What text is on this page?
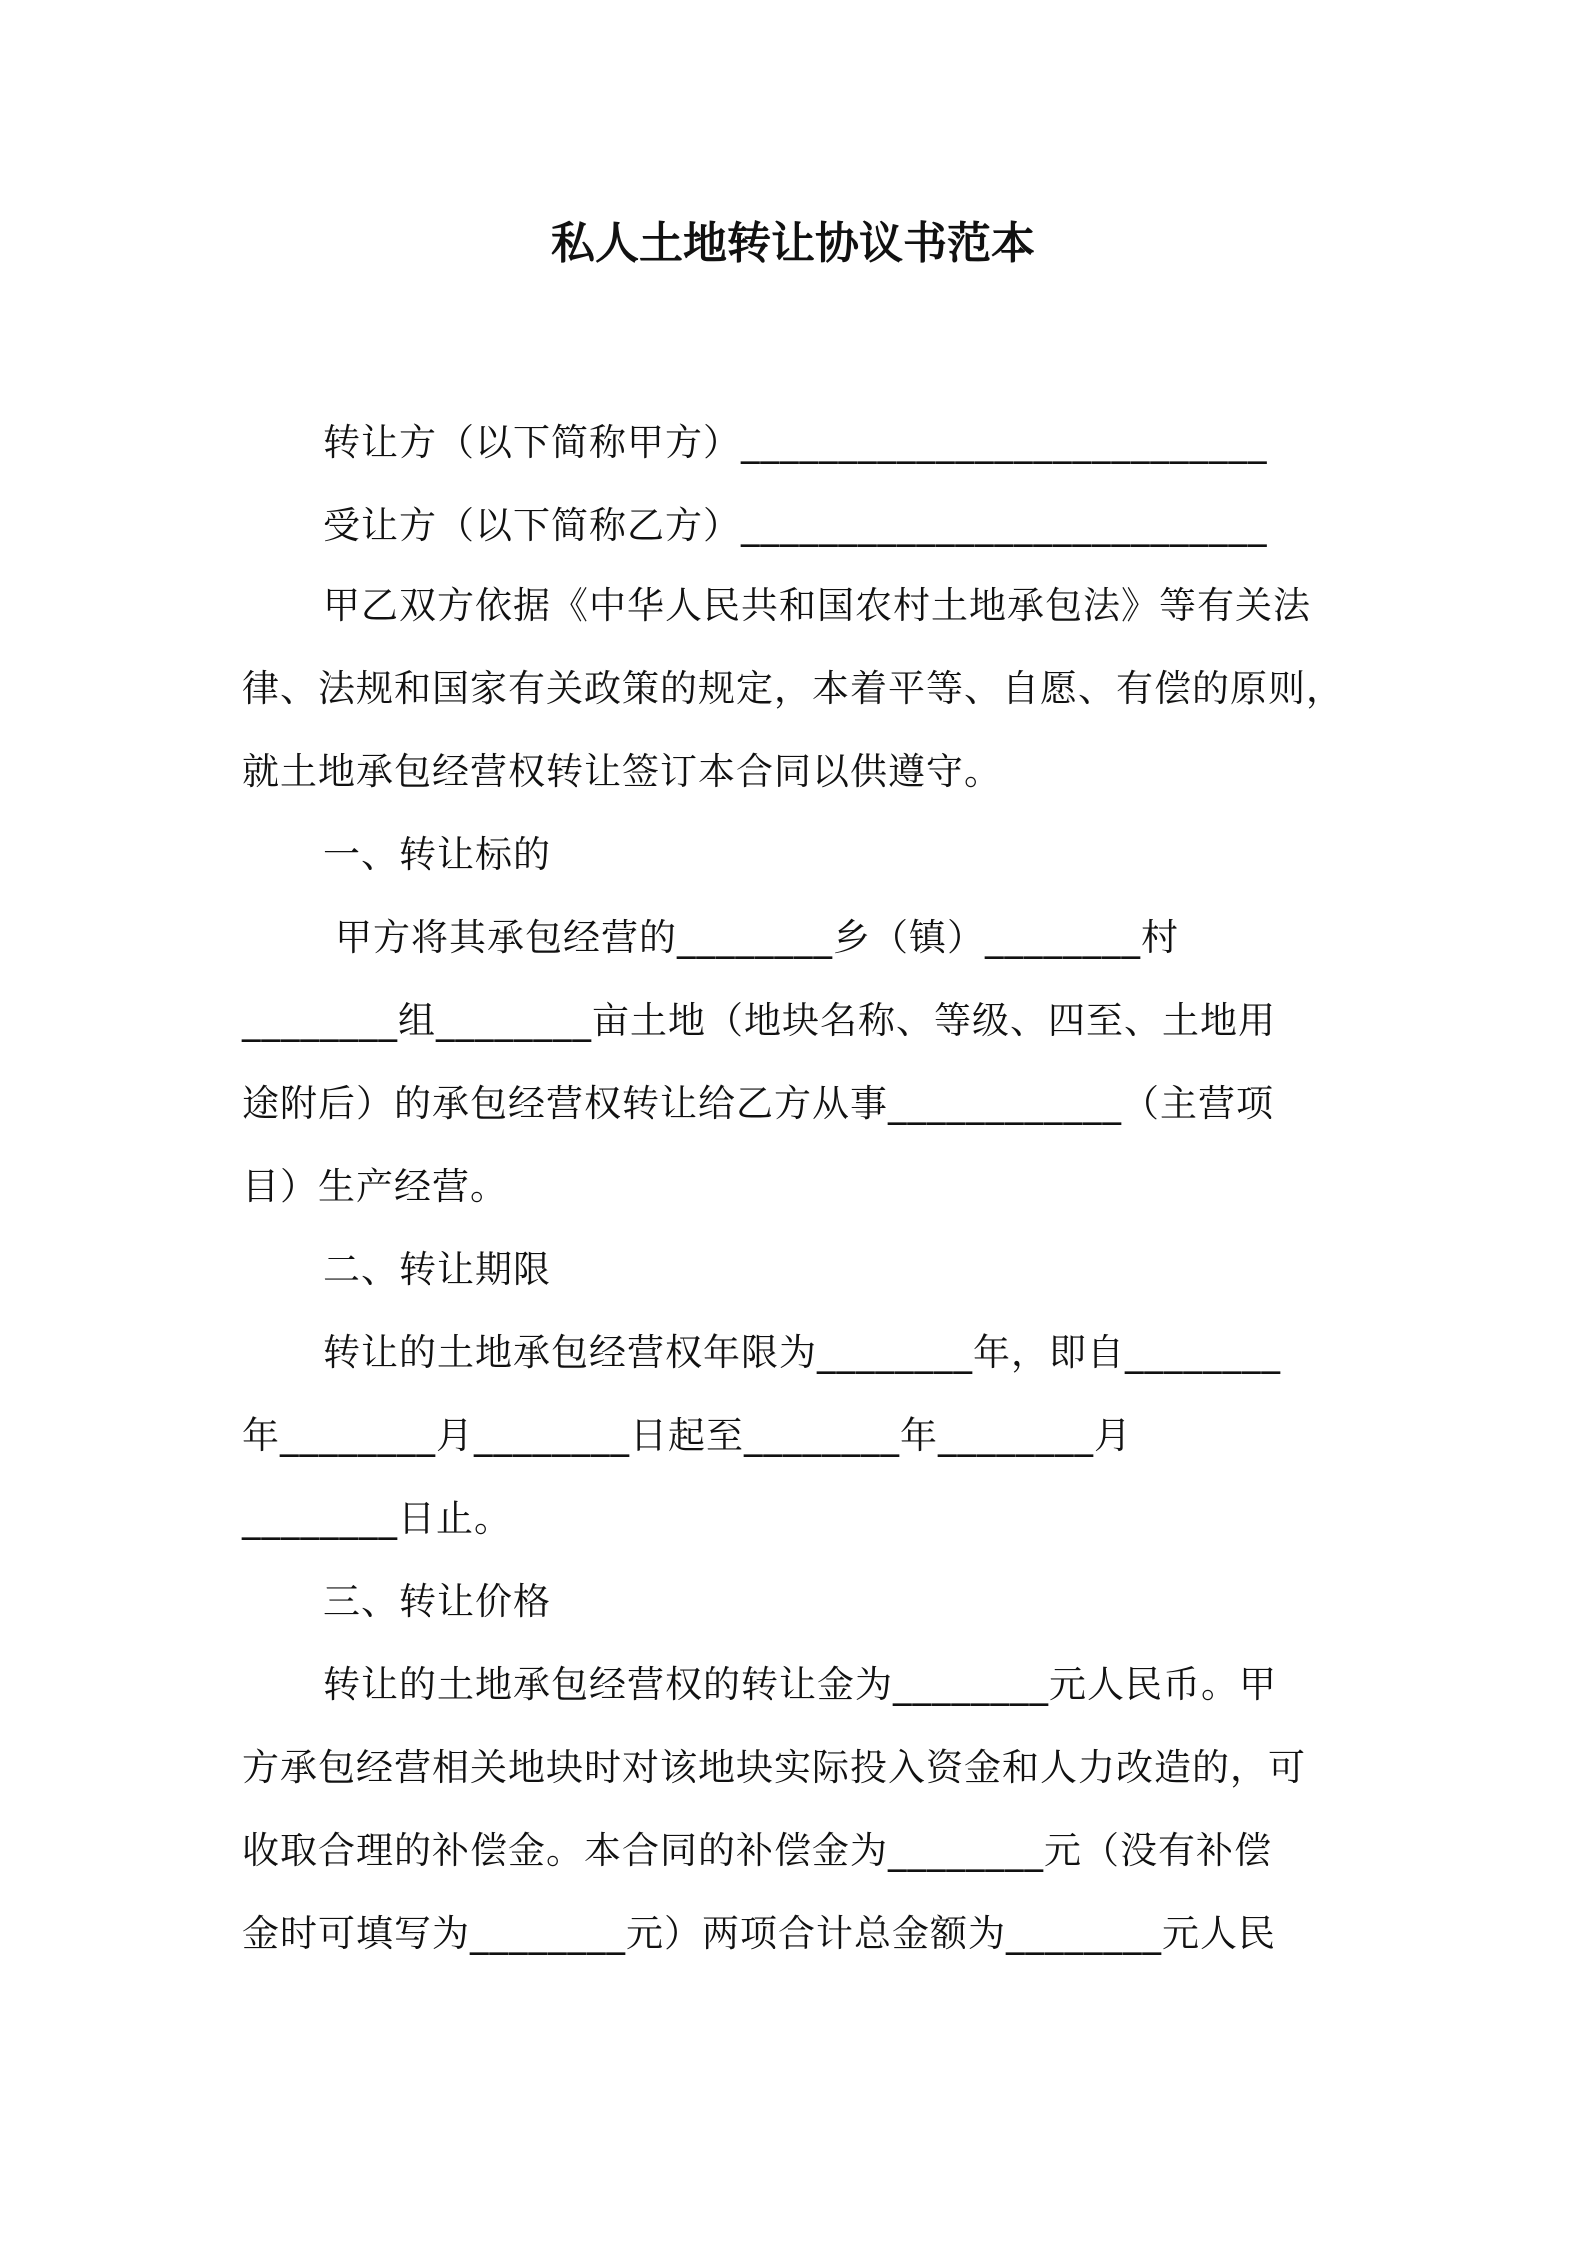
私人土地转让协议书范本
转让方（以下简称甲方）___________________________
受让方（以下简称乙方）___________________________
甲乙双方依据《中华人民共和国农村土地承包法》等有关法
律、法规和国家有关政策的规定，本着平等、自愿、有偿的原则，
就土地承包经营权转让签订本合同以供遵守。
一、转让标的
甲方将其承包经营的________乡（镇）________村
________组________亩土地（地块名称、等级、四至、土地用
途附后）的承包经营权转让给乙方从事____________（主营项
目）生产经营。
二、转让期限
转让的土地承包经营权年限为________年，即自________
年________月________日起至________年________月
________日止。
三、转让价格
转让的土地承包经营权的转让金为________元人民币。甲
方承包经营相关地块时对该地块实际投入资金和人力改造的，可
收取合理的补偿金。本合同的补偿金为________元（没有补偿
金时可填写为________元）两项合计总金额为________元人民
